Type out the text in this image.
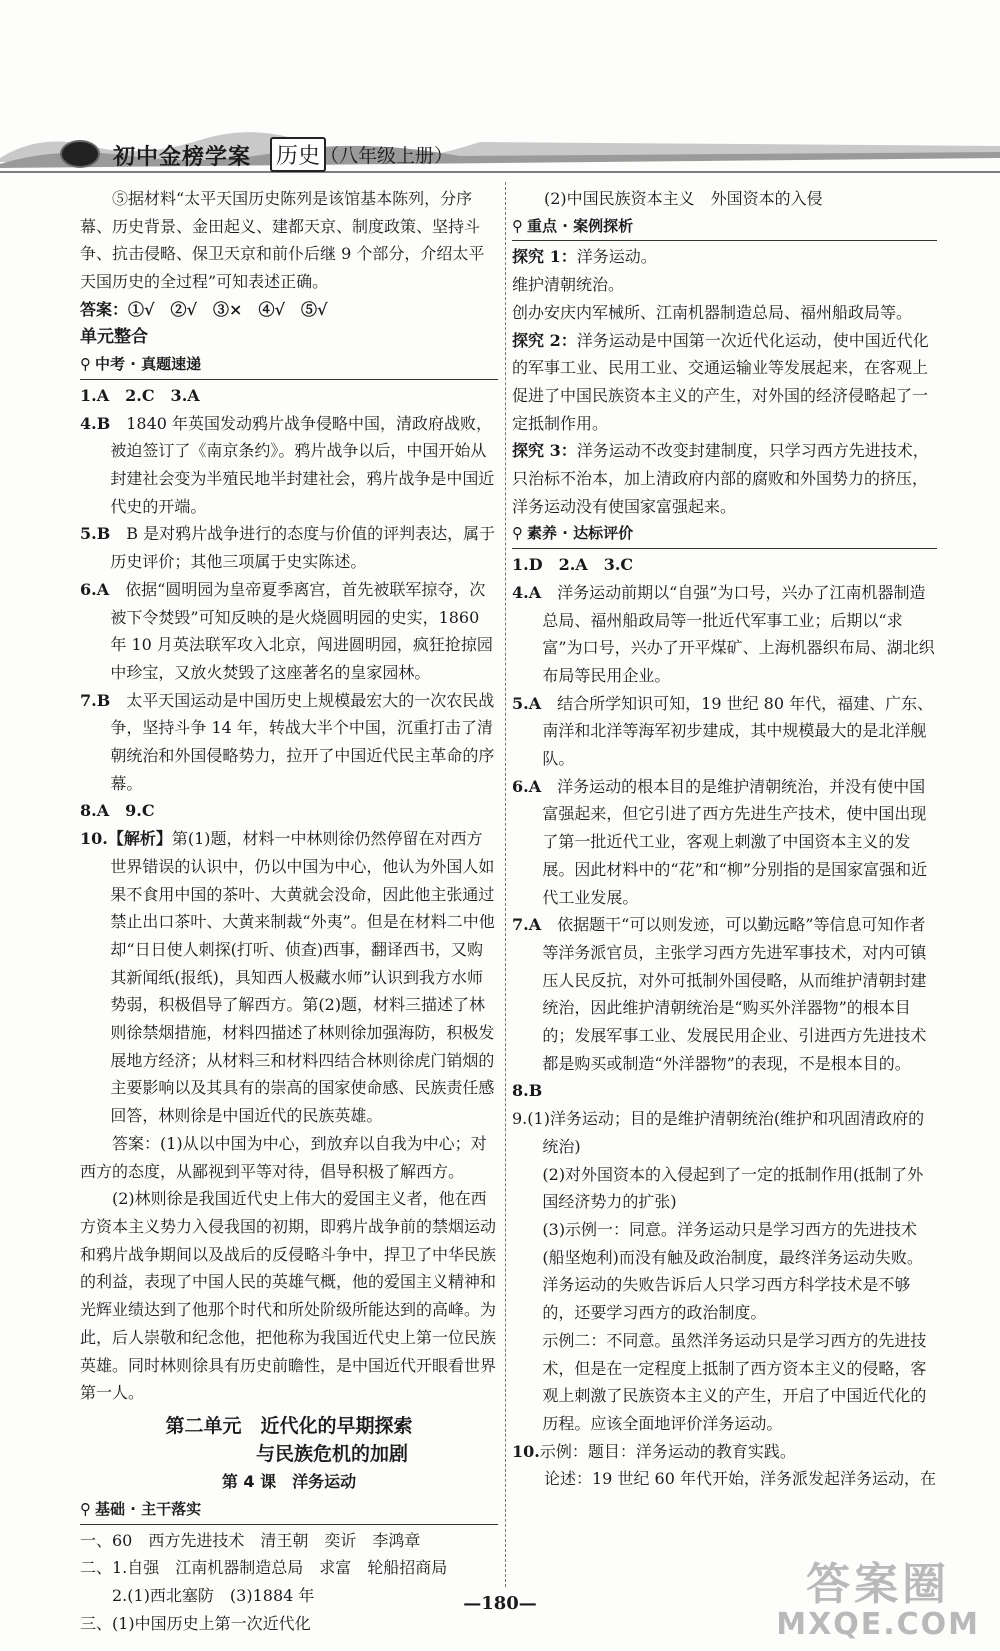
初中金榜学案 历史 （八年级上册）

⑤据材料“太平天国历史陈列是该馆基本陈列，分序幕、历史背景、金田起义、建都天京、制度政策、坚持斗争、抗击侵略、保卫天京和前仆后继 9 个部分，介绍太平天国历史的全过程”可知表述正确。

答案：①√　②√　③×　④√　⑤√

单元整合

⚲ 中考 · 真题速递

1.A　2.C　3.A

4.B　 1840 年英国发动鸦片战争侵略中国，清政府战败，被迫签订了《南京条约》。鸦片战争以后，中国开始从封建社会变为半殖民地半封建社会，鸦片战争是中国近代史的开端。

5.B　 B 是对鸦片战争进行的态度与价值的评判表达，属于历史评价；其他三项属于史实陈述。

6.A　 依据“圆明园为皇帝夏季离宫，首先被联军掠夺，次被下令焚毁”可知反映的是火烧圆明园的史实，1860 年 10 月英法联军攻入北京，闯进圆明园，疯狂抢掠园中珍宝，又放火焚毁了这座著名的皇家园林。

7.B　 太平天国运动是中国历史上规模最宏大的一次农民战争，坚持斗争 14 年，转战大半个中国，沉重打击了清朝统治和外国侵略势力，拉开了中国近代民主革命的序幕。

8.A　9.C

10.【解析】第(1)题，材料一中林则徐仍然停留在对西方世界错误的认识中，仍以中国为中心，他认为外国人如果不食用中国的茶叶、大黄就会没命，因此他主张通过禁止出口茶叶、大黄来制裁“外夷”。但是在材料二中他却“日日使人刺探(打听、侦查)西事，翻译西书，又购其新闻纸(报纸)，具知西人极藏水师”认识到我方水师势弱，积极倡导了解西方。第(2)题，材料三描述了林则徐禁烟措施，材料四描述了林则徐加强海防，积极发展地方经济；从材料三和材料四结合林则徐虎门销烟的主要影响以及其具有的崇高的国家使命感、民族责任感回答，林则徐是中国近代的民族英雄。

答案：(1)从以中国为中心，到放弃以自我为中心；对西方的态度，从鄙视到平等对待，倡导积极了解西方。

(2)林则徐是我国近代史上伟大的爱国主义者，他在西方资本主义势力入侵我国的初期，即鸦片战争前的禁烟运动和鸦片战争期间以及战后的反侵略斗争中，捍卫了中华民族的利益，表现了中国人民的英雄气概，他的爱国主义精神和光辉业绩达到了他那个时代和所处阶级所能达到的高峰。为此，后人崇敬和纪念他，把他称为我国近代史上第一位民族英雄。同时林则徐具有历史前瞻性，是中国近代开眼看世界第一人。

第二单元　近代化的早期探索
与民族危机的加剧
第 4 课　洋务运动
⚲ 基础 · 主干落实

一、60　西方先进技术　清王朝　奕䜣　李鸿章

二、1.自强　江南机器制造总局　求富　轮船招商局

2.(1)西北塞防　(3)1884 年

三、(1)中国历史上第一次近代化

(2)中国民族资本主义　外国资本的入侵

⚲ 重点 · 案例探析

探究 1：洋务运动。

维护清朝统治。

创办安庆内军械所、江南机器制造总局、福州船政局等。

探究 2：洋务运动是中国第一次近代化运动，使中国近代化的军事工业、民用工业、交通运输业等发展起来，在客观上促进了中国民族资本主义的产生，对外国的经济侵略起了一定抵制作用。

探究 3：洋务运动不改变封建制度，只学习西方先进技术，只治标不治本，加上清政府内部的腐败和外国势力的挤压，洋务运动没有使国家富强起来。

⚲ 素养 · 达标评价

1.D　2.A　3.C

4.A　 洋务运动前期以“自强”为口号，兴办了江南机器制造总局、福州船政局等一批近代军事工业；后期以“求富”为口号，兴办了开平煤矿、上海机器织布局、湖北织布局等民用企业。

5.A　 结合所学知识可知，19 世纪 80 年代，福建、广东、南洋和北洋等海军初步建成，其中规模最大的是北洋舰队。

6.A　 洋务运动的根本目的是维护清朝统治，并没有使中国富强起来，但它引进了西方先进生产技术，使中国出现了第一批近代工业，客观上刺激了中国资本主义的发展。因此材料中的“花”和“柳”分别指的是国家富强和近代工业发展。

7.A　 依据题干“可以则发迹，可以勤远略”等信息可知作者等洋务派官员，主张学习西方先进军事技术，对内可镇压人民反抗，对外可抵制外国侵略，从而维护清朝封建统治，因此维护清朝统治是“购买外洋器物”的根本目的；发展军事工业、发展民用企业、引进西方先进技术都是购买或制造“外洋器物”的表现，不是根本目的。

8.B

9.(1)洋务运动；目的是维护清朝统治(维护和巩固清政府的统治)

(2)对外国资本的入侵起到了一定的抵制作用(抵制了外国经济势力的扩张)

(3)示例一：同意。洋务运动只是学习西方的先进技术(船坚炮利)而没有触及政治制度，最终洋务运动失败。洋务运动的失败告诉后人只学习西方科学技术是不够的，还要学习西方的政治制度。

示例二：不同意。虽然洋务运动只是学习西方的先进技术，但是在一定程度上抵制了西方资本主义的侵略，客观上刺激了民族资本主义的产生，开启了中国近代化的历程。应该全面地评价洋务运动。

10.示例：题目：洋务运动的教育实践。

论述：19 世纪 60 年代开始，洋务派发起洋务运动，在

—180—	答案圈
MXQE.COM
